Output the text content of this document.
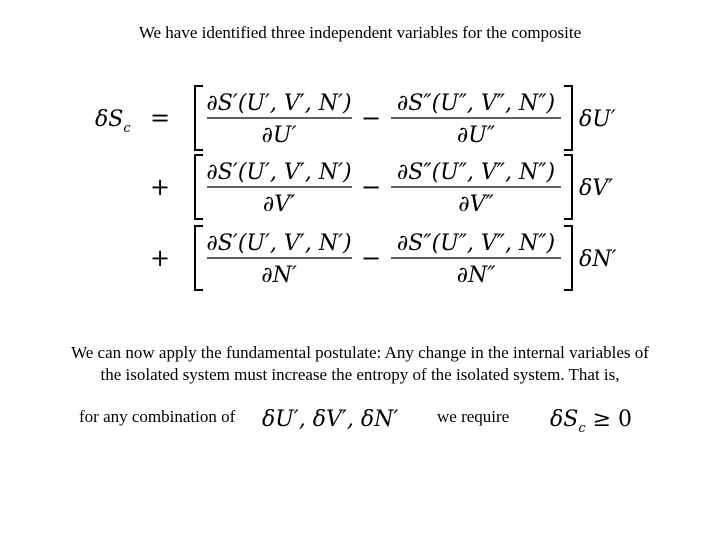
We have identified three independent variables for the composite
$\delta S_c$ =
∂S′(U′, V′, N′)
∂U′
−
∂S″(U″, V″, N″)
∂U″
δU′
+
∂S′(U′, V′, N′)
∂V′
−
∂S″(U″, V″, N″)
∂V″
δV′
+
∂S′(U′, V′, N′)
∂N′
−
∂S″(U″, V″, N″)
∂N″
δN′
δU′, δV′, δN′	$\delta S_c \ge 0$
We can now apply the fundamental postulate: Any change in the internal variables of
the isolated system must increase the entropy of the isolated system. That is,
for any combination of	we require
